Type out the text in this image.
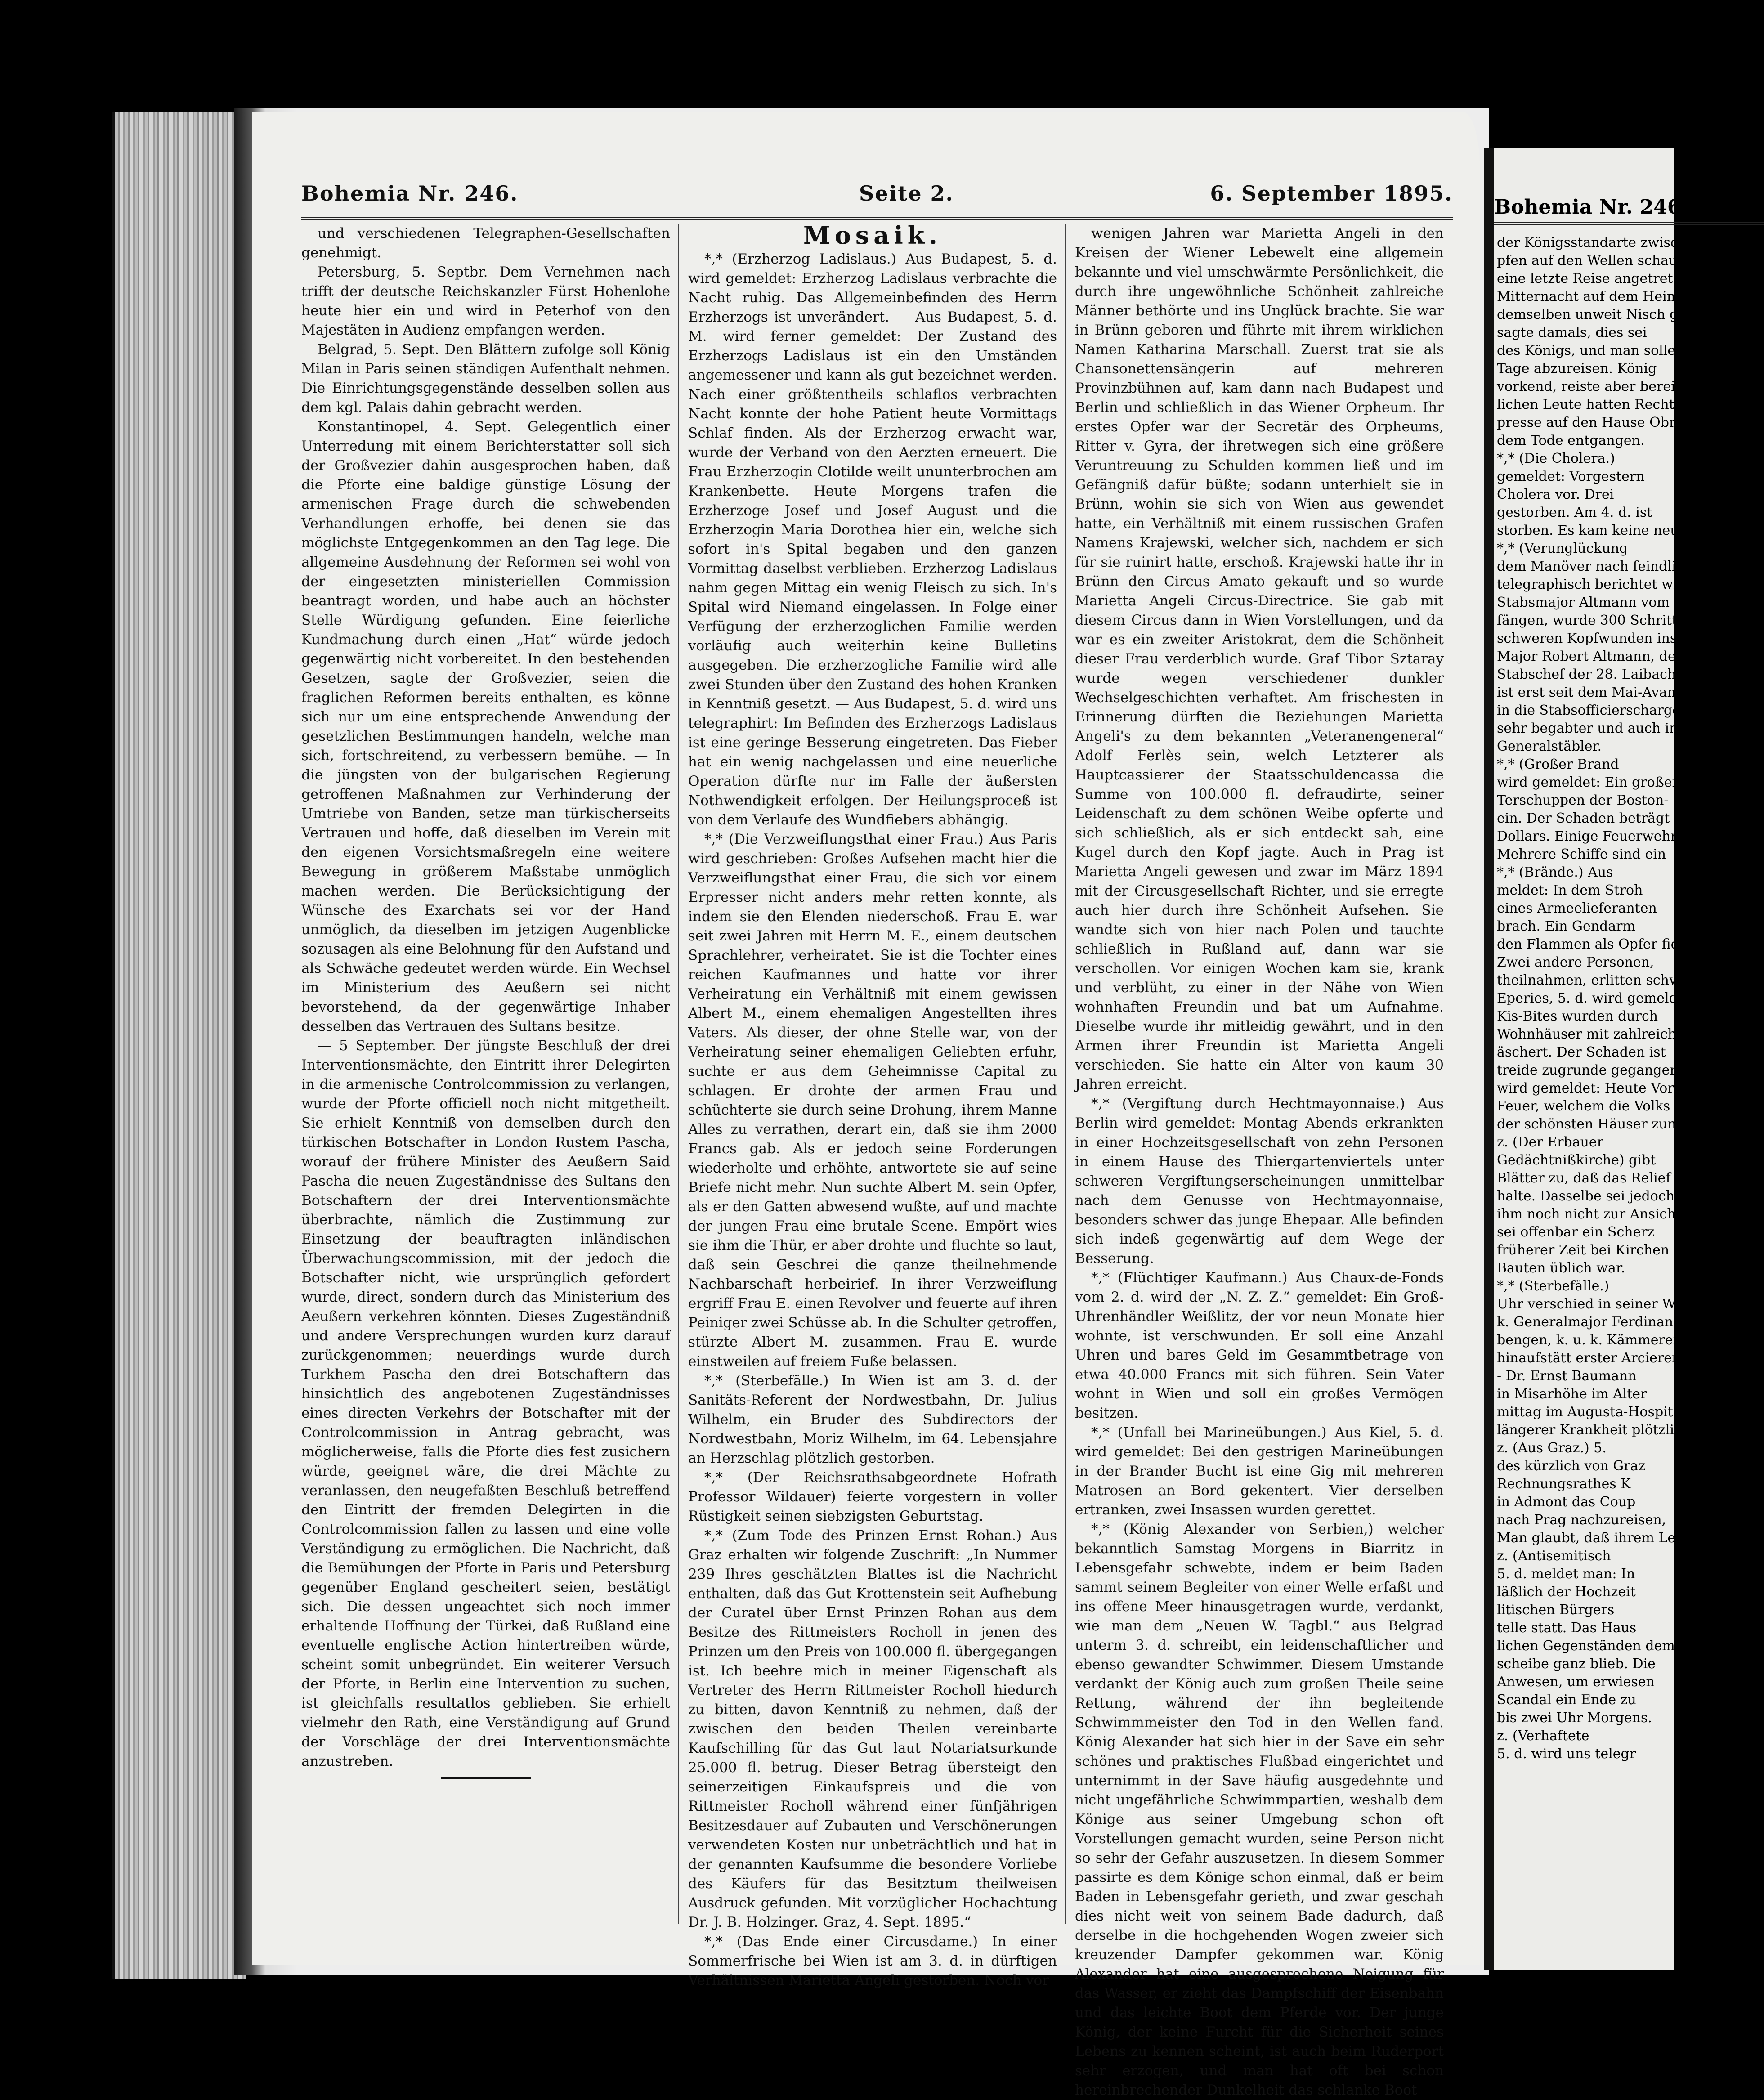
Bohemia Nr. 246.	Seite 2.	6. September 1895.

und verschiedenen Telegraphen-Gesellschaften genehmigt.

Petersburg, 5. Septbr. Dem Vernehmen nach trifft der deutsche Reichskanzler Fürst Hohenlohe heute hier ein und wird in Peterhof von den Majestäten in Audienz empfangen werden.

Belgrad, 5. Sept. Den Blättern zufolge soll König Milan in Paris seinen ständigen Aufenthalt nehmen. Die Einrichtungsgegenstände desselben sollen aus dem kgl. Palais dahin gebracht werden.

Konstantinopel, 4. Sept. Gelegentlich einer Unterredung mit einem Berichterstatter soll sich der Großvezier dahin ausgesprochen haben, daß die Pforte eine baldige günstige Lösung der armenischen Frage durch die schwebenden Verhandlungen erhoffe, bei denen sie das möglichste Entgegenkommen an den Tag lege. Die allgemeine Ausdehnung der Reformen sei wohl von der eingesetzten ministeriellen Commission beantragt worden, und habe auch an höchster Stelle Würdigung gefunden. Eine feierliche Kundmachung durch einen „Hat“ würde jedoch gegenwärtig nicht vorbereitet. In den bestehenden Gesetzen, sagte der Großvezier, seien die fraglichen Reformen bereits enthalten, es könne sich nur um eine entsprechende Anwendung der gesetzlichen Bestimmungen handeln, welche man sich, fortschreitend, zu verbessern bemühe. — In die jüngsten von der bulgarischen Regierung getroffenen Maßnahmen zur Verhinderung der Umtriebe von Banden, setze man türkischerseits Vertrauen und hoffe, daß dieselben im Verein mit den eigenen Vorsichtsmaßregeln eine weitere Bewegung in größerem Maßstabe unmöglich machen werden. Die Berücksichtigung der Wünsche des Exarchats sei vor der Hand unmöglich, da dieselben im jetzigen Augenblicke sozusagen als eine Belohnung für den Aufstand und als Schwäche gedeutet werden würde. Ein Wechsel im Ministerium des Aeußern sei nicht bevorstehend, da der gegenwärtige Inhaber desselben das Vertrauen des Sultans besitze.

— 5 September. Der jüngste Beschluß der drei Interventionsmächte, den Eintritt ihrer Delegirten in die armenische Controlcommission zu verlangen, wurde der Pforte officiell noch nicht mitgetheilt. Sie erhielt Kenntniß von demselben durch den türkischen Botschafter in London Rustem Pascha, worauf der frühere Minister des Aeußern Said Pascha die neuen Zugeständnisse des Sultans den Botschaftern der drei Interventionsmächte überbrachte, nämlich die Zustimmung zur Einsetzung der beauftragten inländischen Überwachungscommission, mit der jedoch die Botschafter nicht, wie ursprünglich gefordert wurde, direct, sondern durch das Ministerium des Aeußern verkehren könnten. Dieses Zugeständniß und andere Versprechungen wurden kurz darauf zurückgenommen; neuerdings wurde durch Turkhem Pascha den drei Botschaftern das hinsichtlich des angebotenen Zugeständnisses eines directen Verkehrs der Botschafter mit der Controlcommission in Antrag gebracht, was möglicherweise, falls die Pforte dies fest zusichern würde, geeignet wäre, die drei Mächte zu veranlassen, den neugefaßten Beschluß betreffend den Eintritt der fremden Delegirten in die Controlcommission fallen zu lassen und eine volle Verständigung zu ermöglichen. Die Nachricht, daß die Bemühungen der Pforte in Paris und Petersburg gegenüber England gescheitert seien, bestätigt sich. Die dessen ungeachtet sich noch immer erhaltende Hoffnung der Türkei, daß Rußland eine eventuelle englische Action hintertreiben würde, scheint somit unbegründet. Ein weiterer Versuch der Pforte, in Berlin eine Intervention zu suchen, ist gleichfalls resultatlos geblieben. Sie erhielt vielmehr den Rath, eine Verständigung auf Grund der Vorschläge der drei Interventionsmächte anzustreben.

Mosaik.

*,* (Erzherzog Ladislaus.) Aus Budapest, 5. d. wird gemeldet: Erzherzog Ladislaus verbrachte die Nacht ruhig. Das Allgemeinbefinden des Herrn Erzherzogs ist unverändert. — Aus Budapest, 5. d. M. wird ferner gemeldet: Der Zustand des Erzherzogs Ladislaus ist ein den Umständen angemessener und kann als gut bezeichnet werden. Nach einer größtentheils schlaflos verbrachten Nacht konnte der hohe Patient heute Vormittags Schlaf finden. Als der Erzherzog erwacht war, wurde der Verband von den Aerzten erneuert. Die Frau Erzherzogin Clotilde weilt ununterbrochen am Krankenbette. Heute Morgens trafen die Erzherzoge Josef und Josef August und die Erzherzogin Maria Dorothea hier ein, welche sich sofort in's Spital begaben und den ganzen Vormittag daselbst verblieben. Erzherzog Ladislaus nahm gegen Mittag ein wenig Fleisch zu sich. In's Spital wird Niemand eingelassen. In Folge einer Verfügung der erzherzoglichen Familie werden vorläufig auch weiterhin keine Bulletins ausgegeben. Die erzherzogliche Familie wird alle zwei Stunden über den Zustand des hohen Kranken in Kenntniß gesetzt. — Aus Budapest, 5. d. wird uns telegraphirt: Im Befinden des Erzherzogs Ladislaus ist eine geringe Besserung eingetreten. Das Fieber hat ein wenig nachgelassen und eine neuerliche Operation dürfte nur im Falle der äußersten Nothwendigkeit erfolgen. Der Heilungsproceß ist von dem Verlaufe des Wundfiebers abhängig.

*,* (Die Verzweiflungsthat einer Frau.) Aus Paris wird geschrieben: Großes Aufsehen macht hier die Verzweiflungsthat einer Frau, die sich vor einem Erpresser nicht anders mehr retten konnte, als indem sie den Elenden niederschoß. Frau E. war seit zwei Jahren mit Herrn M. E., einem deutschen Sprachlehrer, verheiratet. Sie ist die Tochter eines reichen Kaufmannes und hatte vor ihrer Verheiratung ein Verhältniß mit einem gewissen Albert M., einem ehemaligen Angestellten ihres Vaters. Als dieser, der ohne Stelle war, von der Verheiratung seiner ehemaligen Geliebten erfuhr, suchte er aus dem Geheimnisse Capital zu schlagen. Er drohte der armen Frau und schüchterte sie durch seine Drohung, ihrem Manne Alles zu verrathen, derart ein, daß sie ihm 2000 Francs gab. Als er jedoch seine Forderungen wiederholte und erhöhte, antwortete sie auf seine Briefe nicht mehr. Nun suchte Albert M. sein Opfer, als er den Gatten abwesend wußte, auf und machte der jungen Frau eine brutale Scene. Empört wies sie ihm die Thür, er aber drohte und fluchte so laut, daß sein Geschrei die ganze theilnehmende Nachbarschaft herbeirief. In ihrer Verzweiflung ergriff Frau E. einen Revolver und feuerte auf ihren Peiniger zwei Schüsse ab. In die Schulter getroffen, stürzte Albert M. zusammen. Frau E. wurde einstweilen auf freiem Fuße belassen.

*,* (Sterbefälle.) In Wien ist am 3. d. der Sanitäts-Referent der Nordwestbahn, Dr. Julius Wilhelm, ein Bruder des Subdirectors der Nordwestbahn, Moriz Wilhelm, im 64. Lebensjahre an Herzschlag plötzlich gestorben.

*,* (Der Reichsrathsabgeordnete Hofrath Professor Wildauer) feierte vorgestern in voller Rüstigkeit seinen siebzigsten Geburtstag.

*,* (Zum Tode des Prinzen Ernst Rohan.) Aus Graz erhalten wir folgende Zuschrift: „In Nummer 239 Ihres geschätzten Blattes ist die Nachricht enthalten, daß das Gut Krottenstein seit Aufhebung der Curatel über Ernst Prinzen Rohan aus dem Besitze des Rittmeisters Rocholl in jenen des Prinzen um den Preis von 100.000 fl. übergegangen ist. Ich beehre mich in meiner Eigenschaft als Vertreter des Herrn Rittmeister Rocholl hiedurch zu bitten, davon Kenntniß zu nehmen, daß der zwischen den beiden Theilen vereinbarte Kaufschilling für das Gut laut Notariatsurkunde 25.000 fl. betrug. Dieser Betrag übersteigt den seinerzeitigen Einkaufspreis und die von Rittmeister Rocholl während einer fünfjährigen Besitzesdauer auf Zubauten und Verschönerungen verwendeten Kosten nur unbeträchtlich und hat in der genannten Kaufsumme die besondere Vorliebe des Käufers für das Besitztum theilweisen Ausdruck gefunden. Mit vorzüglicher Hochachtung Dr. J. B. Holzinger. Graz, 4. Sept. 1895.“

*,* (Das Ende einer Circusdame.) In einer Sommerfrische bei Wien ist am 3. d. in dürftigen Verhältnissen Marietta Angeli gestorben. Noch vor

wenigen Jahren war Marietta Angeli in den Kreisen der Wiener Lebewelt eine allgemein bekannte und viel umschwärmte Persönlichkeit, die durch ihre ungewöhnliche Schönheit zahlreiche Männer bethörte und ins Unglück brachte. Sie war in Brünn geboren und führte mit ihrem wirklichen Namen Katharina Marschall. Zuerst trat sie als Chansonettensängerin auf mehreren Provinzbühnen auf, kam dann nach Budapest und Berlin und schließlich in das Wiener Orpheum. Ihr erstes Opfer war der Secretär des Orpheums, Ritter v. Gyra, der ihretwegen sich eine größere Veruntreuung zu Schulden kommen ließ und im Gefängniß dafür büßte; sodann unterhielt sie in Brünn, wohin sie sich von Wien aus gewendet hatte, ein Verhältniß mit einem russischen Grafen Namens Krajewski, welcher sich, nachdem er sich für sie ruinirt hatte, erschoß. Krajewski hatte ihr in Brünn den Circus Amato gekauft und so wurde Marietta Angeli Circus-Directrice. Sie gab mit diesem Circus dann in Wien Vorstellungen, und da war es ein zweiter Aristokrat, dem die Schönheit dieser Frau verderblich wurde. Graf Tibor Sztaray wurde wegen verschiedener dunkler Wechselgeschichten verhaftet. Am frischesten in Erinnerung dürften die Beziehungen Marietta Angeli's zu dem bekannten „Veteranengeneral“ Adolf Ferlès sein, welch Letzterer als Hauptcassierer der Staatsschuldencassa die Summe von 100.000 fl. defraudirte, seiner Leidenschaft zu dem schönen Weibe opferte und sich schließlich, als er sich entdeckt sah, eine Kugel durch den Kopf jagte. Auch in Prag ist Marietta Angeli gewesen und zwar im März 1894 mit der Circusgesellschaft Richter, und sie erregte auch hier durch ihre Schönheit Aufsehen. Sie wandte sich von hier nach Polen und tauchte schließlich in Rußland auf, dann war sie verschollen. Vor einigen Wochen kam sie, krank und verblüht, zu einer in der Nähe von Wien wohnhaften Freundin und bat um Aufnahme. Dieselbe wurde ihr mitleidig gewährt, und in den Armen ihrer Freundin ist Marietta Angeli verschieden. Sie hatte ein Alter von kaum 30 Jahren erreicht.

*,* (Vergiftung durch Hechtmayonnaise.) Aus Berlin wird gemeldet: Montag Abends erkrankten in einer Hochzeitsgesellschaft von zehn Personen in einem Hause des Thiergartenviertels unter schweren Vergiftungserscheinungen unmittelbar nach dem Genusse von Hechtmayonnaise, besonders schwer das junge Ehepaar. Alle befinden sich indeß gegenwärtig auf dem Wege der Besserung.

*,* (Flüchtiger Kaufmann.) Aus Chaux-de-Fonds vom 2. d. wird der „N. Z. Z.“ gemeldet: Ein Groß-Uhrenhändler Weißlitz, der vor neun Monate hier wohnte, ist verschwunden. Er soll eine Anzahl Uhren und bares Geld im Gesammtbetrage von etwa 40.000 Francs mit sich führen. Sein Vater wohnt in Wien und soll ein großes Vermögen besitzen.

*,* (Unfall bei Marineübungen.) Aus Kiel, 5. d. wird gemeldet: Bei den gestrigen Marineübungen in der Brander Bucht ist eine Gig mit mehreren Matrosen an Bord gekentert. Vier derselben ertranken, zwei Insassen wurden gerettet.

*,* (König Alexander von Serbien,) welcher bekanntlich Samstag Morgens in Biarritz in Lebensgefahr schwebte, indem er beim Baden sammt seinem Begleiter von einer Welle erfaßt und ins offene Meer hinausgetragen wurde, verdankt, wie man dem „Neuen W. Tagbl.“ aus Belgrad unterm 3. d. schreibt, ein leidenschaftlicher und ebenso gewandter Schwimmer. Diesem Umstande verdankt der König auch zum großen Theile seine Rettung, während der ihn begleitende Schwimmmeister den Tod in den Wellen fand. König Alexander hat sich hier in der Save ein sehr schönes und praktisches Flußbad eingerichtet und unternimmt in der Save häufig ausgedehnte und nicht ungefährliche Schwimmpartien, weshalb dem Könige aus seiner Umgebung schon oft Vorstellungen gemacht wurden, seine Person nicht so sehr der Gefahr auszusetzen. In diesem Sommer passirte es dem Könige schon einmal, daß er beim Baden in Lebensgefahr gerieth, und zwar geschah dies nicht weit von seinem Bade dadurch, daß derselbe in die hochgehenden Wogen zweier sich kreuzender Dampfer gekommen war. König Alexander hat eine ausgesprochene Neigung für das Wasser, er zieht das Dampfschiff der Eisenbahn und das leichte Boot dem Pferde vor. Der junge König, der keine Furcht für die Sicherheit seines Lebens zu kennen scheint, ist auch beim Ruderport sehr erzogen, und man hat oft bei schon hereinbrechender Dunkelheit das schlanke Boot

Bohemia Nr. 246.
der Königsstandarte zwischen
pfen auf den Wellen schaukelnd
eine letzte Reise angetreten
Mitternacht auf dem Heim
demselben unweit Nisch ge
sagte damals, dies sei
des Königs, und man solle
Tage abzureisen. König
vorkend, reiste aber bereits
lichen Leute hatten Recht
presse auf den Hause Obre
dem Tode entgangen.
*,* (Die Cholera.)
gemeldet: Vorgestern
Cholera vor. Drei
gestorben. Am 4. d. ist
storben. Es kam keine neue
*,* (Verunglückung
dem Manöver nach feindlicher
telegraphisch berichtet wird,
Stabsmajor Altmann vom
fängen, wurde 300 Schritte
schweren Kopfwunden ins
Major Robert Altmann, der
Stabschef der 28. Laibacher
ist erst seit dem Mai-Avancement
in die Stabsofficierscharge
sehr begabter und auch im
Generalstäbler.
*,* (Großer Brand
wird gemeldet: Ein großer
Terschuppen der Boston-
ein. Der Schaden beträgt
Dollars. Einige Feuerwehr
Mehrere Schiffe sind ein
*,* (Brände.) Aus
meldet: In dem Stroh
eines Armeelieferanten
brach. Ein Gendarm
den Flammen als Opfer fiel
Zwei andere Personen,
theilnahmen, erlitten schwere
Eperies, 5. d. wird gemeldet
Kis-Bites wurden durch
Wohnhäuser mit zahlreichen
äschert. Der Schaden ist
treide zugrunde gegangen
wird gemeldet: Heute Vor
Feuer, welchem die Volks
der schönsten Häuser zum
z. (Der Erbauer
Gedächtnißkirche) gibt
Blätter zu, daß das Relief
halte. Dasselbe sei jedoch
ihm noch nicht zur Ansicht
sei offenbar ein Scherz
früherer Zeit bei Kirchen
Bauten üblich war.
*,* (Sterbefälle.)
Uhr verschied in seiner Woh
k. Generalmajor Ferdinand
bengen, k. u. k. Kämmerer
hinaufstätt erster Arcieren
- Dr. Ernst Baumann
in Misarhöhe im Alter
mittag im Augusta-Hospital
längerer Krankheit plötzlich
z. (Aus Graz.) 5.
des kürzlich von Graz
Rechnungsrathes K
in Admont das Coup
nach Prag nachzureisen,
Man glaubt, daß ihrem Leben
z. (Antisemitisch
5. d. meldet man: In
läßlich der Hochzeit
litischen Bürgers
telle statt. Das Haus
lichen Gegenständen demoliert
scheibe ganz blieb. Die
Anwesen, um erwiesen
Scandal ein Ende zu
bis zwei Uhr Morgens.
z. (Verhaftete
5. d. wird uns telegr
